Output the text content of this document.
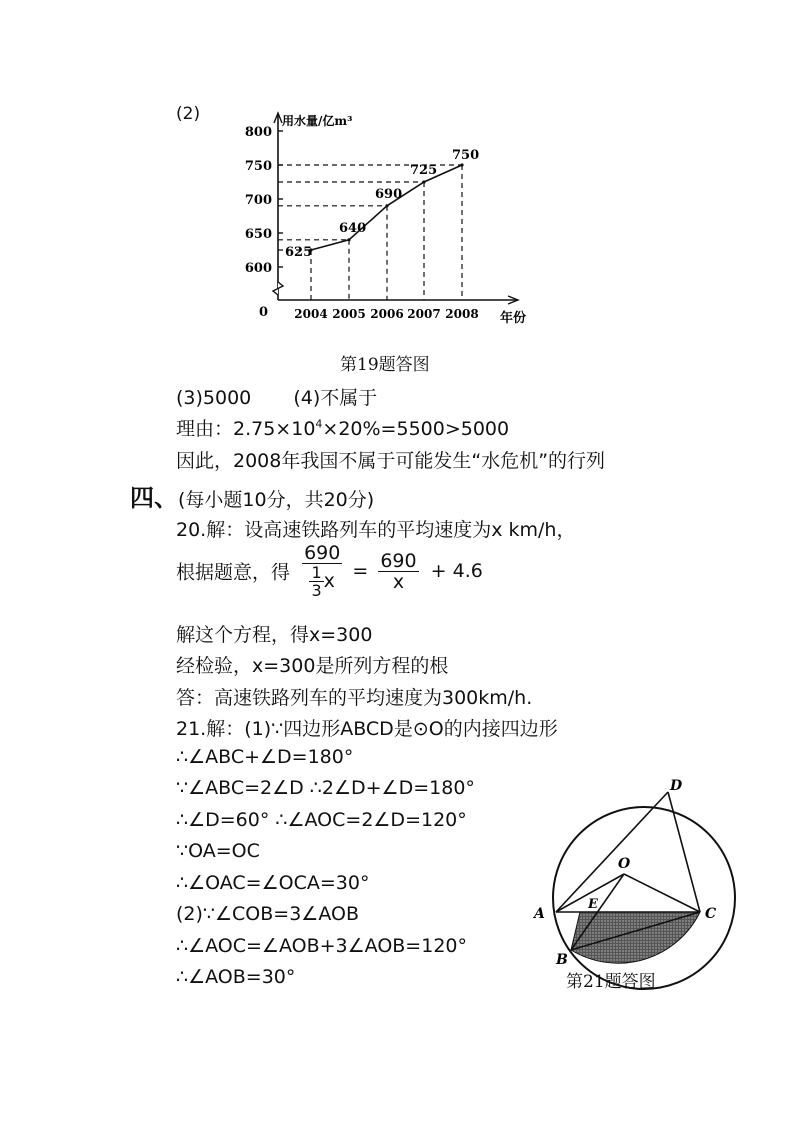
(2)
600
650
700
750
800
0
用水量/亿m³
年份
2004 2005 2006 2007 2008
625
640
690
725
750
第19题答图
(3)5000 (4)不属于
理由：$2.75\times 10^4\times 20\%=5500>5000$
因此，2008年我国不属于可能发生“水危机”的行列
四、(每小题10分，共20分)
20.解：设高速铁路列车的平均速度为x km/h，
根据题意，得 $\frac{690}{\frac{1}{3} x} = \frac{690}{x} + 4.6$
解这个方程，得x=300
经检验，x=300是所列方程的根
答：高速铁路列车的平均速度为300km/h.
21.解：(1)∵四边形ABCD是⊙O的内接四边形
∴∠ABC+∠D=180°
∵∠ABC=2∠D ∴2∠D+∠D=180°
∴∠D=60° ∴∠AOC=2∠D=120°
∵OA=OC
∴∠OAC=∠OCA=30°
(2)∵∠COB=3∠AOB
∴∠AOC=∠AOB+3∠AOB=120°
∴∠AOB=30°
A
B
C
D
O
E
第21题答图
